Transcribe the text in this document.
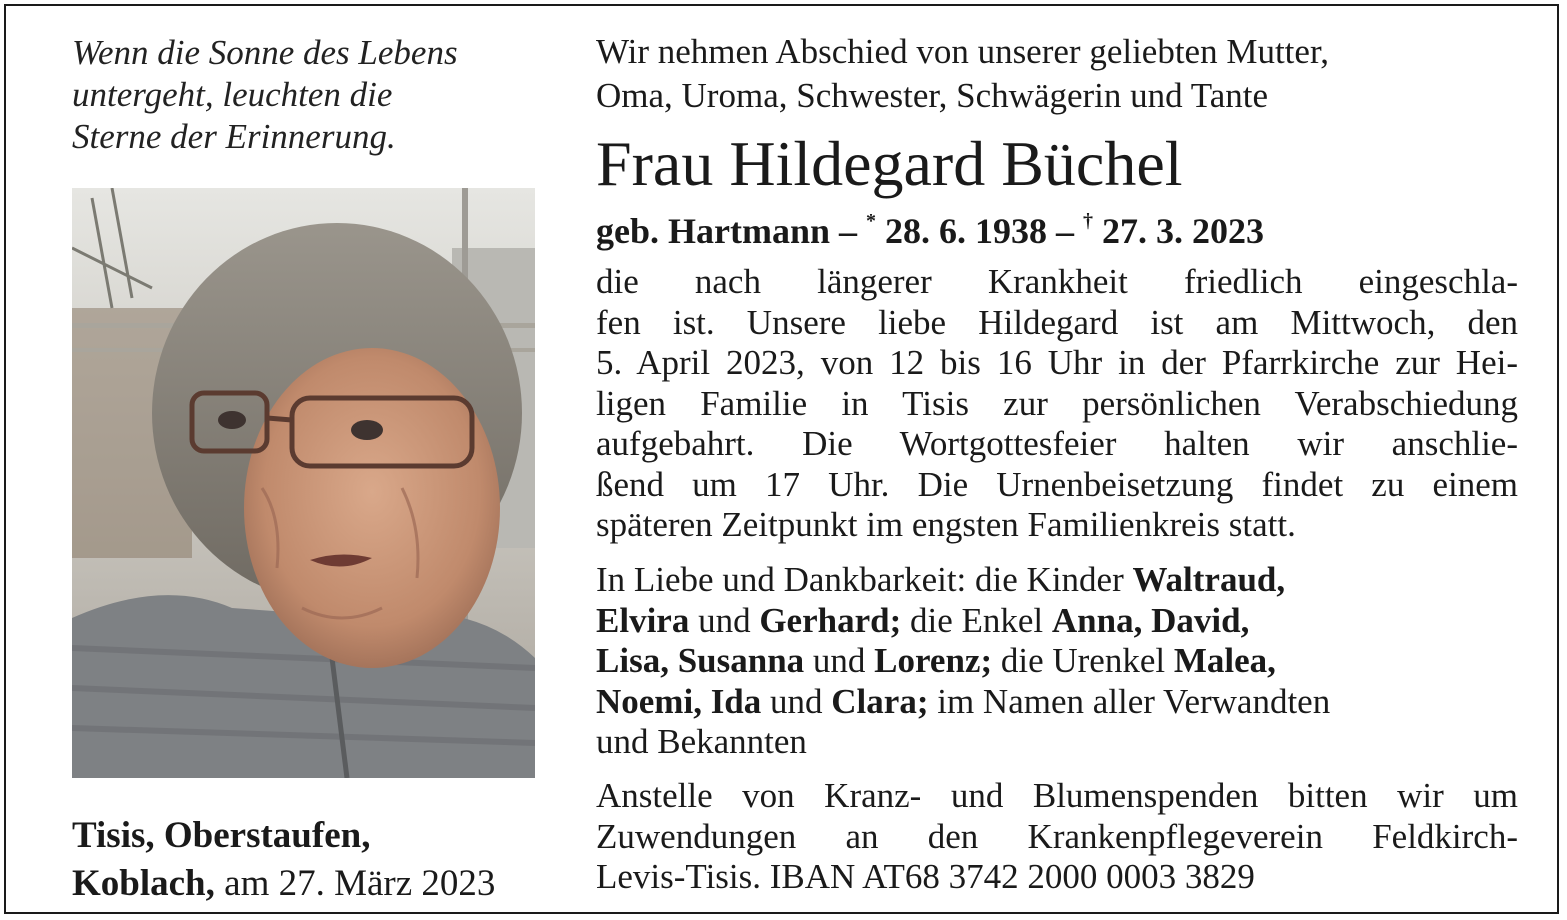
Wenn die Sonne des Lebens
untergeht, leuchten die
Sterne der Erinnerung.
Tisis, Oberstaufen,
Koblach, am 27. März 2023
Wir nehmen Abschied von unserer geliebten Mutter,
Oma, Uroma, Schwester, Schwägerin und Tante
Frau Hildegard Büchel
geb. Hartmann – * 28. 6. 1938 – † 27. 3. 2023
die nach längerer Krankheit friedlich eingeschla-
fen ist. Unsere liebe Hildegard ist am Mittwoch, den
5. April 2023, von 12 bis 16 Uhr in der Pfarrkirche zur Hei-
ligen Familie in Tisis zur persönlichen Verabschiedung
aufgebahrt. Die Wortgottesfeier halten wir anschlie-
ßend um 17 Uhr. Die Urnenbeisetzung findet zu einem
späteren Zeitpunkt im engsten Familienkreis statt.
In Liebe und Dankbarkeit: die Kinder Waltraud,
Elvira und Gerhard; die Enkel Anna, David,
Lisa, Susanna und Lorenz; die Urenkel Malea,
Noemi, Ida und Clara; im Namen aller Verwandten
und Bekannten
Anstelle von Kranz- und Blumenspenden bitten wir um
Zuwendungen an den Krankenpflegeverein Feldkirch-
Levis-Tisis. IBAN AT68 3742 2000 0003 3829
